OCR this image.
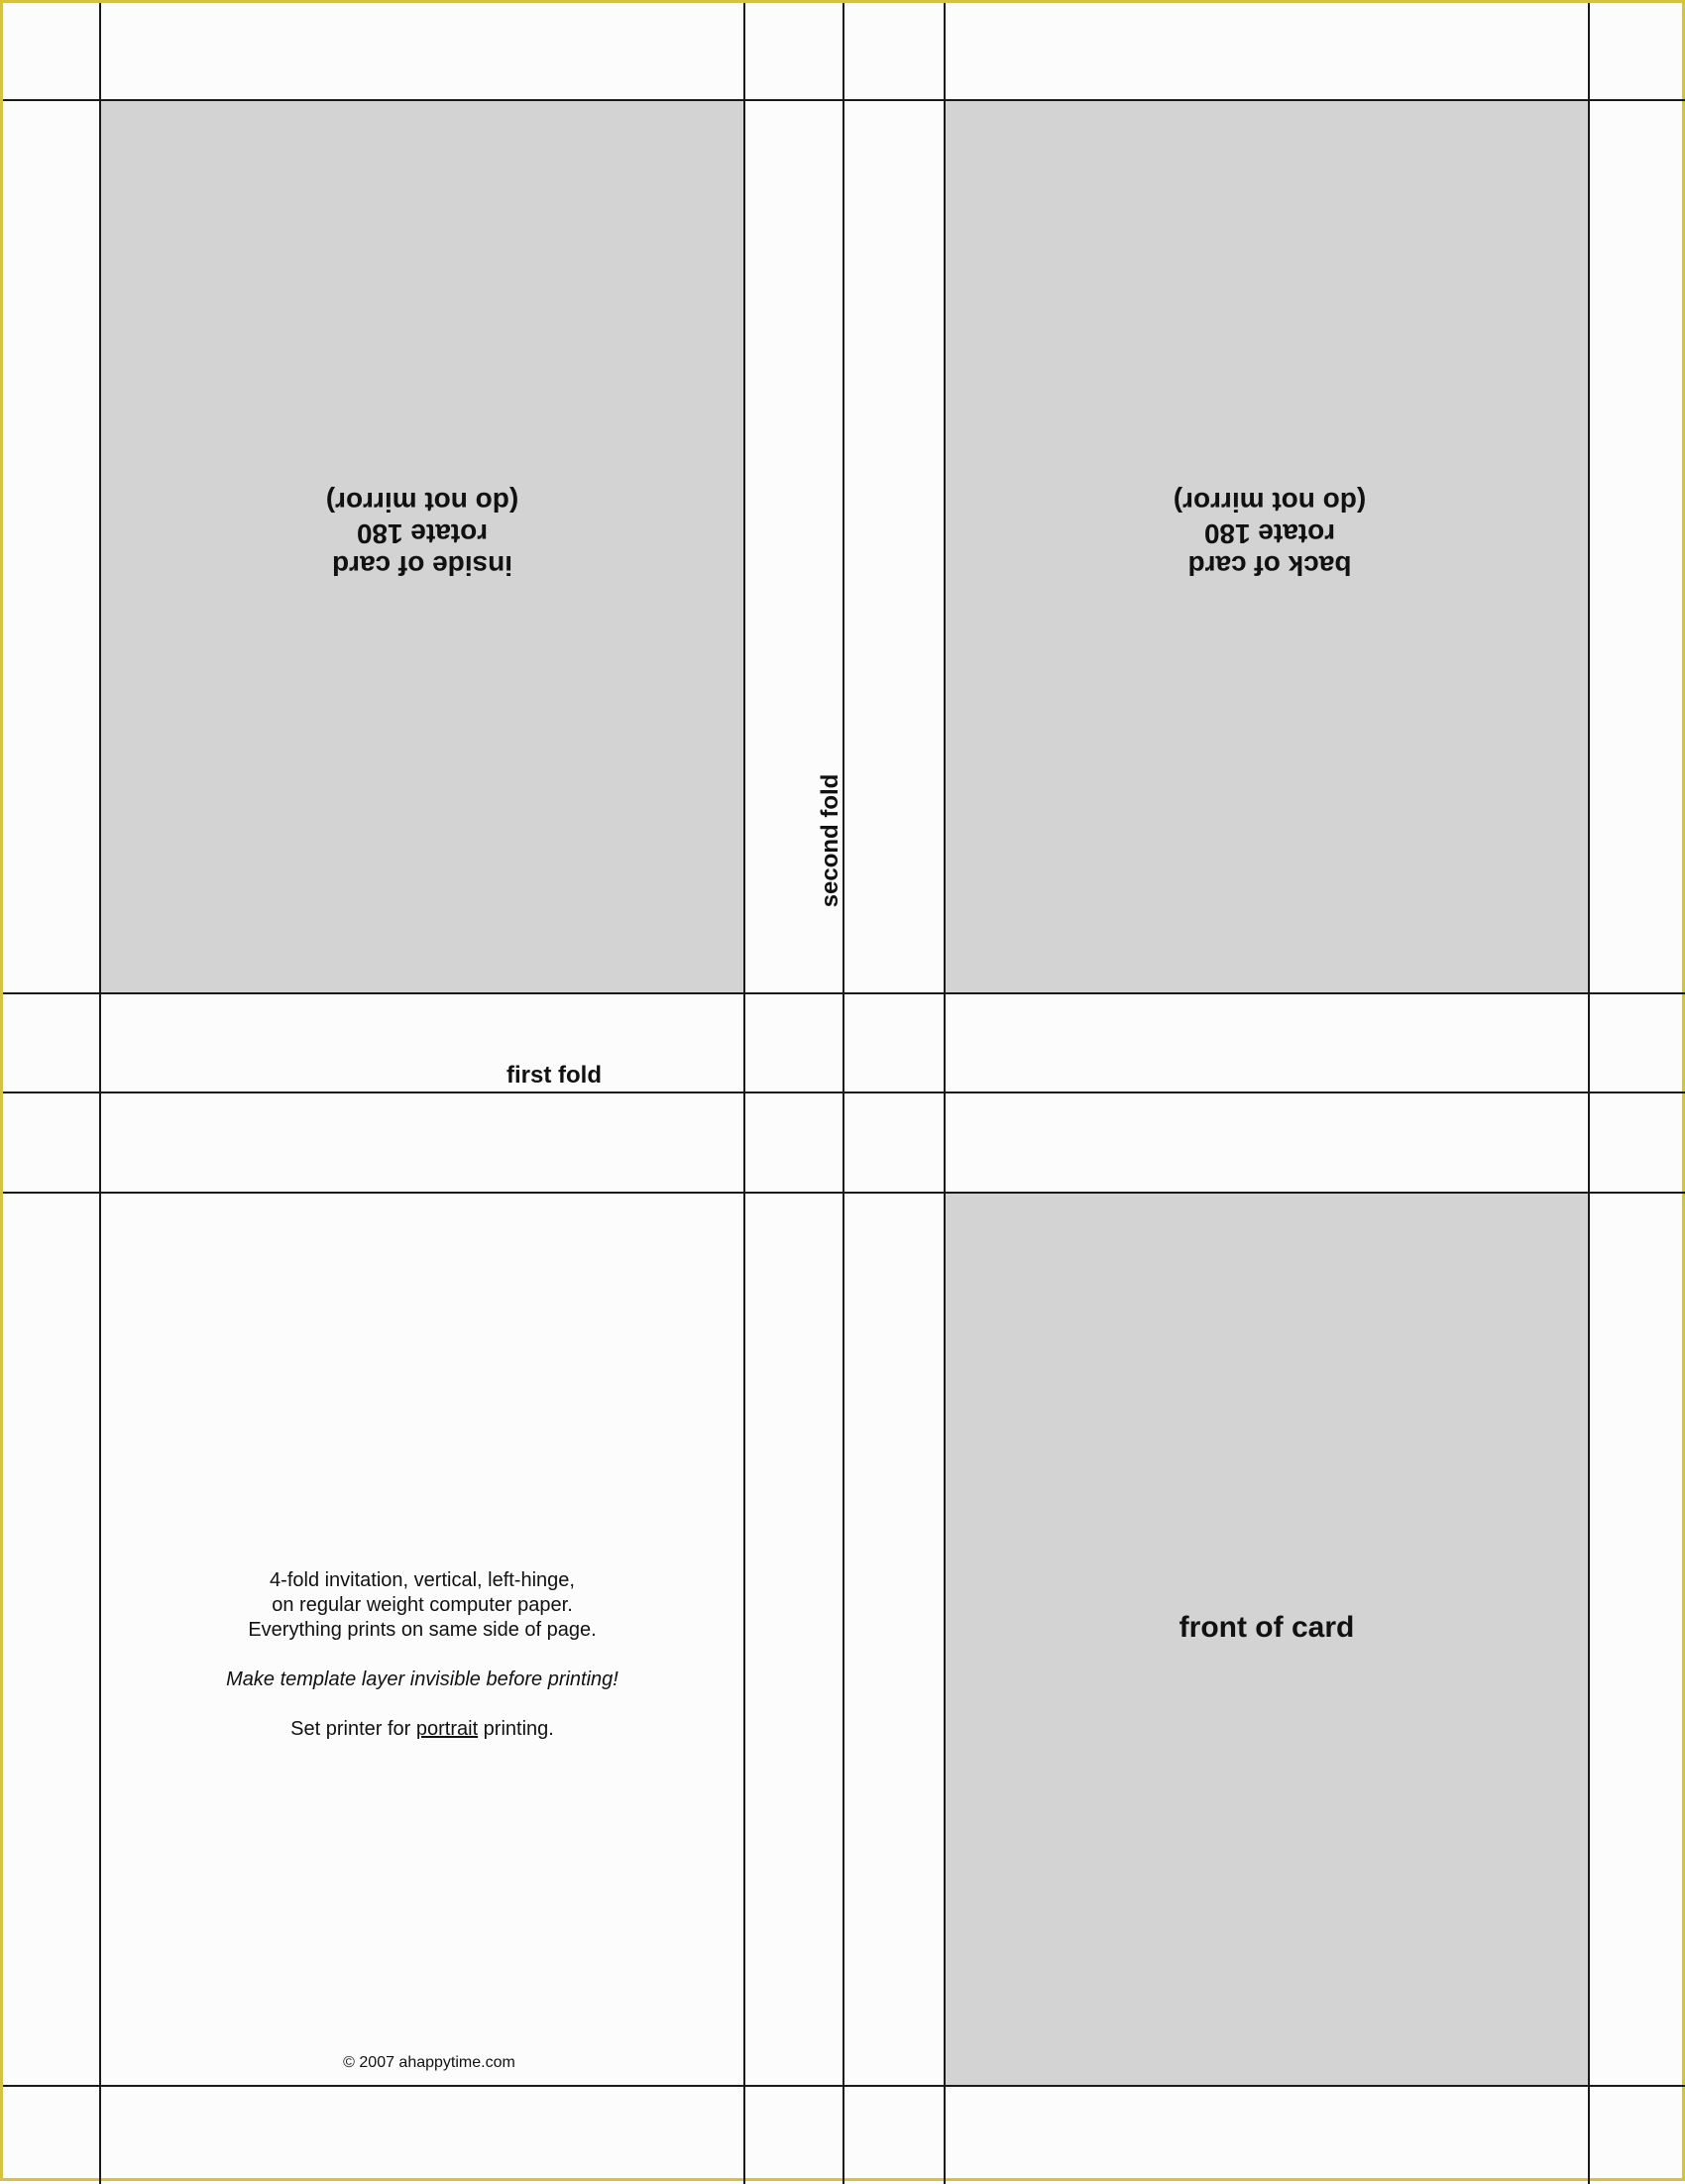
inside of card
rotate 180
(do not mirror)
back of card
rotate 180
(do not mirror)
second fold
first fold
4-fold invitation, vertical, left-hinge,
on regular weight computer paper.
Everything prints on same side of page.
Make template layer invisible before printing!
Set printer for portrait printing.
© 2007 ahappytime.com
front of card
